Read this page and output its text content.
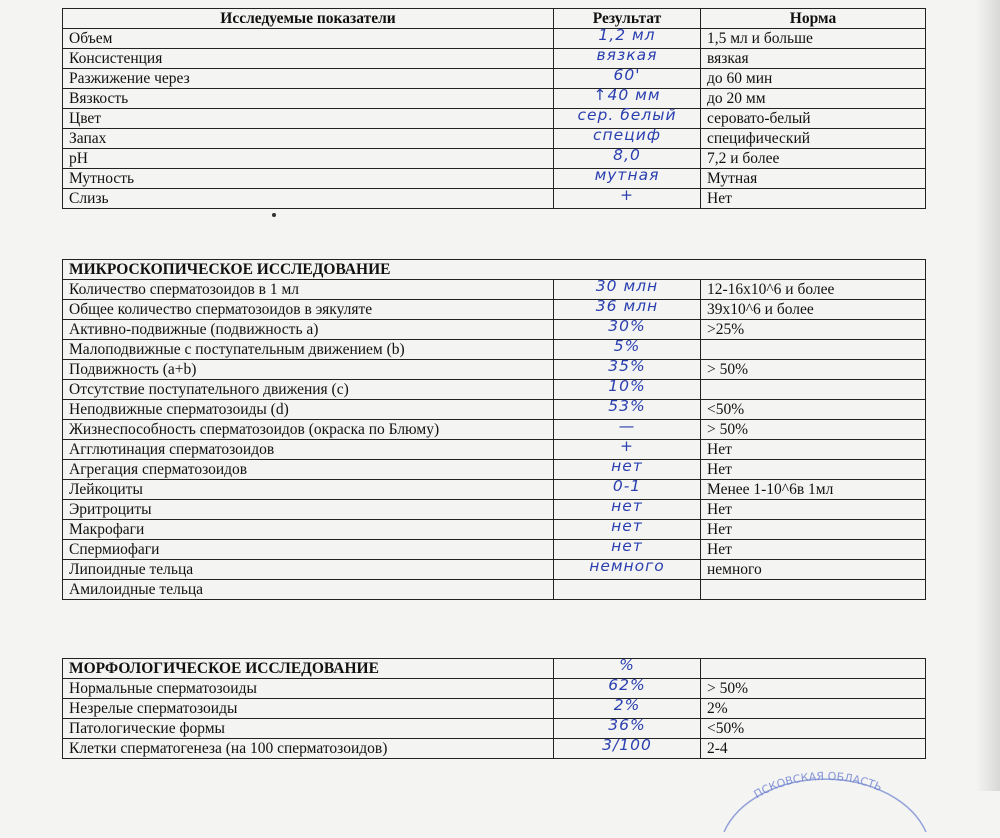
Исследуемые показатели	Результат	Норма
Объем	1,2 мл	1,5 мл и больше
Консистенция	вязкая	вязкая
Разжижение через	60'	до 60 мин
Вязкость	↑40 мм	до 20 мм
Цвет	сер. белый	серовато-белый
Запах	специф	специфический
pH	8,0	7,2 и более
Мутность	мутная	Мутная
Слизь	+	Нет
МИКРОСКОПИЧЕСКОЕ ИССЛЕДОВАНИЕ		
Количество сперматозоидов в 1 мл	30 млн	12-16x10^6 и более
Общее количество сперматозоидов в эякуляте	36 млн	39x10^6 и более
Активно-подвижные (подвижность а)	30%	>25%
Малоподвижные с поступательным движением (b)	5%	
Подвижность (a+b)	35%	> 50%
Отсутствие поступательного движения (с)	10%	
Неподвижные сперматозоиды (d)	53%	<50%
Жизнеспособность сперматозоидов (окраска по Блюму)	—	> 50%
Агглютинация сперматозоидов	+	Нет
Агрегация сперматозоидов	нет	Нет
Лейкоциты	0-1	Менее 1-10^6в 1мл
Эритроциты	нет	Нет
Макрофаги	нет	Нет
Спермиофаги	нет	Нет
Липоидные тельца	немного	немного
Амилоидные тельца		
МОРФОЛОГИЧЕСКОЕ ИССЛЕДОВАНИЕ	%	
Нормальные сперматозоиды	62%	> 50%
Незрелые сперматозоиды	2%	2%
Патологические формы	36%	<50%
Клетки сперматогенеза (на 100 сперматозоидов)	3/100	2-4
ПСКОВСКАЯ ОБЛАСТЬ
